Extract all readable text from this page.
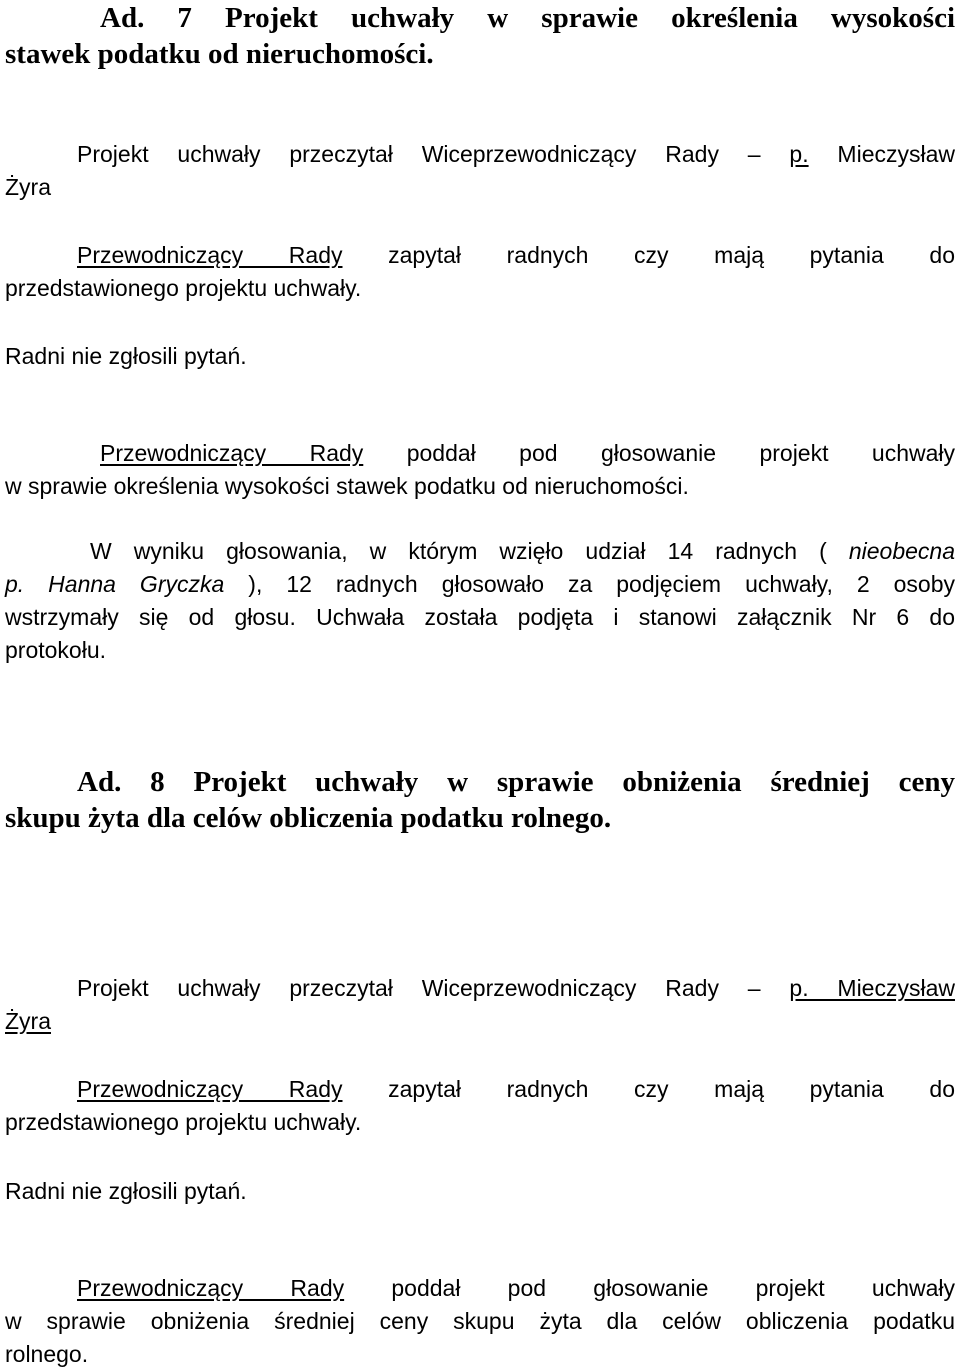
Ad. 7 Projekt uchwały w sprawie określenia wysokości
stawek podatku od nieruchomości.
Projekt uchwały przeczytał Wiceprzewodniczący Rady – p. Mieczysław
Żyra
Przewodniczący Rady zapytał radnych czy mają pytania do
przedstawionego projektu uchwały.
Radni nie zgłosili pytań.
Przewodniczący Rady poddał pod głosowanie projekt uchwały
w sprawie określenia wysokości stawek podatku od nieruchomości.
W wyniku głosowania, w którym wzięło udział 14 radnych ( nieobecna
p. Hanna Gryczka ), 12 radnych głosowało za podjęciem uchwały, 2 osoby
wstrzymały się od głosu. Uchwała została podjęta i stanowi załącznik Nr 6 do
protokołu.
Ad. 8 Projekt uchwały w sprawie obniżenia średniej ceny
skupu żyta dla celów obliczenia podatku rolnego.
Projekt uchwały przeczytał Wiceprzewodniczący Rady – p. Mieczysław
Żyra
Przewodniczący Rady zapytał radnych czy mają pytania do
przedstawionego projektu uchwały.
Radni nie zgłosili pytań.
Przewodniczący Rady poddał pod głosowanie projekt uchwały
w sprawie obniżenia średniej ceny skupu żyta dla celów obliczenia podatku
rolnego.
